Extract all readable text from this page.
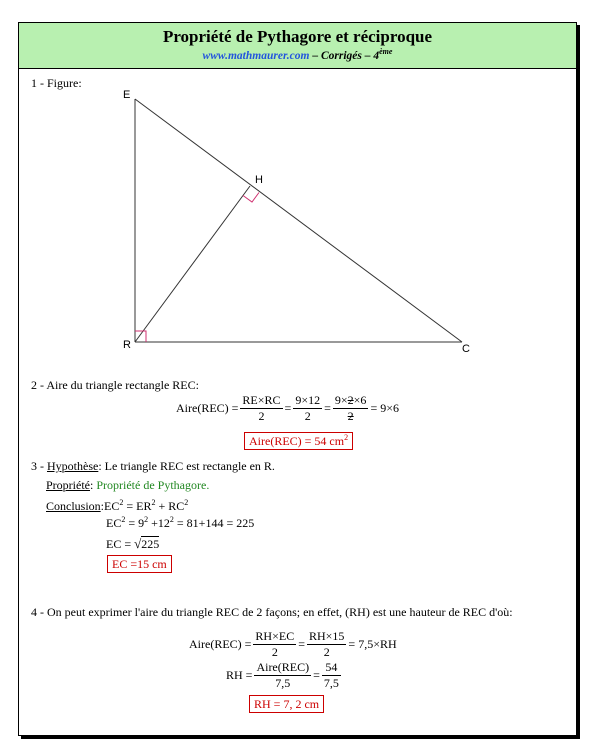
Propriété de Pythagore et réciproque
www.mathmaurer.com – Corrigés – 4ème
1 - Figure:
E
H
R	C
2 - Aire du triangle rectangle REC:
Aire(REC) = $\frac{RE\times RC}{2} = \frac{9\times 12}{2} = \frac{9\times 2\times 6}{2} = 9\times 6$
Aire(REC) = 54 $cm^2$
3 - Hypothèse: Le triangle REC est rectangle en R.
Propriété: Propriété de Pythagore.
$Conclusion:EC^2 = ER^2 + RC^2$
$EC^2 = 9^2 +12^2 = 81+144 = 225$
EC = √225
EC =15 cm
4 - On peut exprimer l'aire du triangle REC de 2 façons; en effet, (RH) est une hauteur de REC d'où:
Aire(REC) = $\frac{RH\times EC}{2} = \frac{RH\times 15}{2} = 7,5\times RH$
RH = $\frac{\text{Aire(REC)}}{7,5} = \frac{54}{7,5}$
RH = 7, 2 cm
